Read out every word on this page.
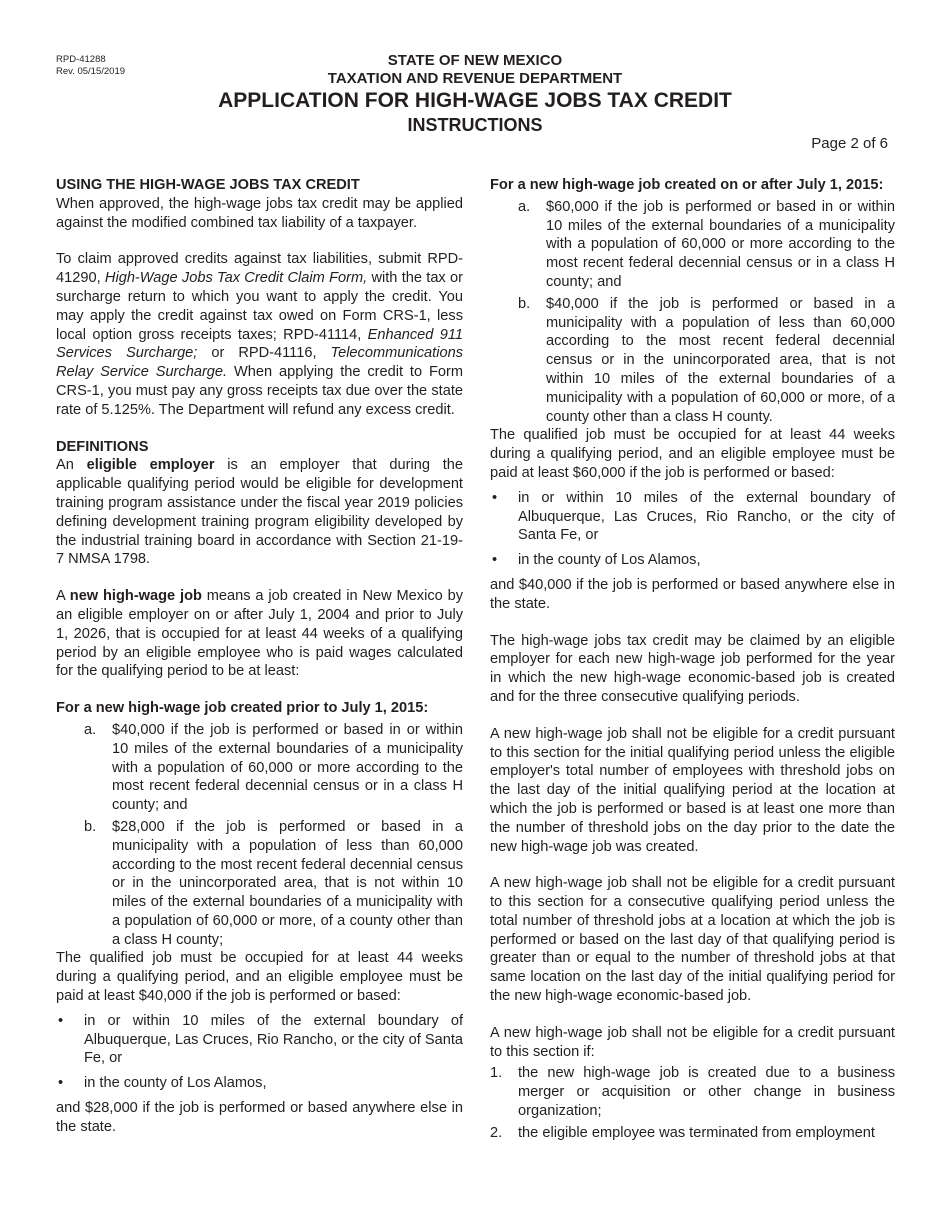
RPD-41288
Rev. 05/15/2019
STATE OF NEW MEXICO
TAXATION AND REVENUE DEPARTMENT
APPLICATION FOR HIGH-WAGE JOBS TAX CREDIT
INSTRUCTIONS
Page 2 of 6

USING THE HIGH-WAGE JOBS TAX CREDIT

When approved, the high-wage jobs tax credit may be applied against the modified combined tax liability of a taxpayer.

To claim approved credits against tax liabilities, submit RPD-41290, High-Wage Jobs Tax Credit Claim Form, with the tax or surcharge return to which you want to apply the credit. You may apply the credit against tax owed on Form CRS-1, less local option gross receipts taxes; RPD-41114, Enhanced 911 Services Surcharge; or RPD-41116, Telecommunications Relay Service Surcharge. When applying the credit to Form CRS-1, you must pay any gross receipts tax due over the state rate of 5.125%. The Department will refund any excess credit.

DEFINITIONS

An eligible employer is an employer that during the applicable qualifying period would be eligible for development training program assistance under the fiscal year 2019 policies defining development training program eligibility developed by the industrial training board in accordance with Section 21-19-7 NMSA 1798.

A new high-wage job means a job created in New Mexico by an eligible employer on or after July 1, 2004 and prior to July 1, 2026, that is occupied for at least 44 weeks of a qualifying period by an eligible employee who is paid wages calculated for the qualifying period to be at least:

For a new high-wage job created prior to July 1, 2015:

a. $40,000 if the job is performed or based in or within 10 miles of the external boundaries of a municipality with a population of 60,000 or more according to the most recent federal decennial census or in a class H county; and
b. $28,000 if the job is performed or based in a municipality with a population of less than 60,000 according to the most recent federal decennial census or in the unincorporated area, that is not within 10 miles of the external boundaries of a municipality with a population of 60,000 or more, of a county other than a class H county;

The qualified job must be occupied for at least 44 weeks during a qualifying period, and an eligible employee must be paid at least $40,000 if the job is performed or based:

• in or within 10 miles of the external boundary of Albuquerque, Las Cruces, Rio Rancho, or the city of Santa Fe, or
• in the county of Los Alamos,

and $28,000 if the job is performed or based anywhere else in the state.

For a new high-wage job created on or after July 1, 2015:

a. $60,000 if the job is performed or based in or within 10 miles of the external boundaries of a municipality with a population of 60,000 or more according to the most recent federal decennial census or in a class H county; and
b. $40,000 if the job is performed or based in a municipality with a population of less than 60,000 according to the most recent federal decennial census or in the unincorporated area, that is not within 10 miles of the external boundaries of a municipality with a population of 60,000 or more, of a county other than a class H county.

The qualified job must be occupied for at least 44 weeks during a qualifying period, and an eligible employee must be paid at least $60,000 if the job is performed or based:

• in or within 10 miles of the external boundary of Albuquerque, Las Cruces, Rio Rancho, or the city of Santa Fe, or
• in the county of Los Alamos,

and $40,000 if the job is performed or based anywhere else in the state.

The high-wage jobs tax credit may be claimed by an eligible employer for each new high-wage job performed for the year in which the new high-wage economic-based job is created and for the three consecutive qualifying periods.

A new high-wage job shall not be eligible for a credit pursuant to this section for the initial qualifying period unless the eligible employer's total number of employees with threshold jobs on the last day of the initial qualifying period at the location at which the job is performed or based is at least one more than the number of threshold jobs on the day prior to the date the new high-wage job was created.

A new high-wage job shall not be eligible for a credit pursuant to this section for a consecutive qualifying period unless the total number of threshold jobs at a location at which the job is performed or based on the last day of that qualifying period is greater than or equal to the number of threshold jobs at that same location on the last day of the initial qualifying period for the new high-wage economic-based job.

A new high-wage job shall not be eligible for a credit pursuant to this section if:

1. the new high-wage job is created due to a business merger or acquisition or other change in business organization;
2. the eligible employee was terminated from employment
